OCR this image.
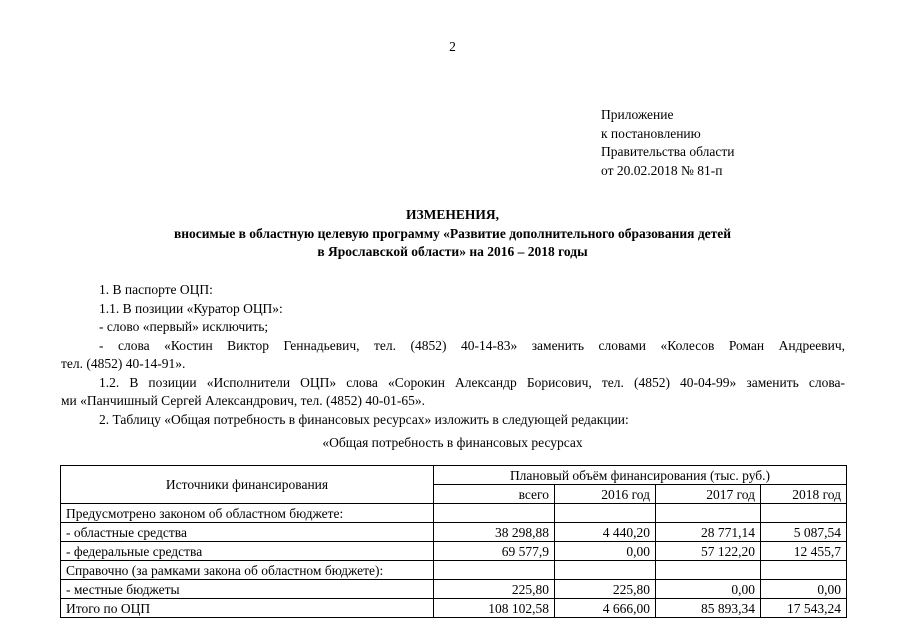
2
Приложение
к постановлению
Правительства области
от 20.02.2018 № 81-п
ИЗМЕНЕНИЯ,
вносимые в областную целевую программу «Развитие дополнительного образования детей
в Ярославской области» на 2016 – 2018 годы

1. В паспорте ОЦП:

1.1. В позиции «Куратор ОЦП»:

- слово «первый» исключить;

- слова «Костин Виктор Геннадьевич, тел. (4852) 40-14-83» заменить словами «Колесов Роман Андреевич,

тел. (4852) 40-14-91».

1.2. В позиции «Исполнители ОЦП» слова «Сорокин Александр Борисович, тел. (4852) 40-04-99» заменить слова-

ми «Панчишный Сергей Александрович, тел. (4852) 40-01-65».

2. Таблицу «Общая потребность в финансовых ресурсах» изложить в следующей редакции:

«Общая потребность в финансовых ресурсах
Источники финансирования	Плановый объём финансирования (тыс. руб.)			
	всего	2016 год	2017 год	2018 год
Предусмотрено законом об областном бюджете:				
- областные средства	38 298,88	4 440,20	28 771,14	5 087,54
- федеральные средства	69 577,9	0,00	57 122,20	12 455,7
Справочно (за рамками закона об областном бюджете):				
- местные бюджеты	225,80	225,80	0,00	0,00
Итого по ОЦП	108 102,58	4 666,00	85 893,34	17 543,24
